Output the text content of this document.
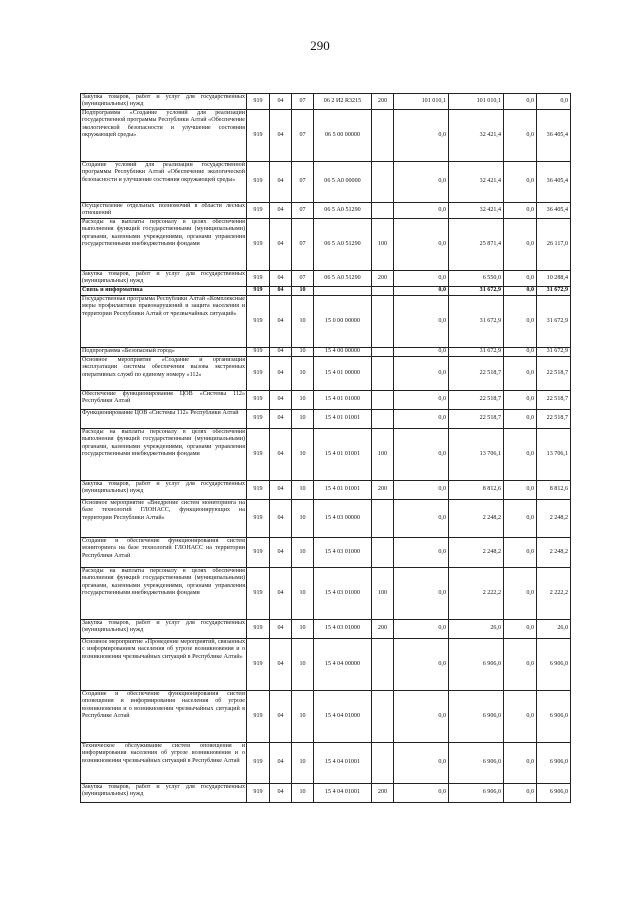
290
Закупка товаров, работ и услуг для государственных (муниципальных) нужд	919	04	07	06 2 И2 R3215	200	101 010,1	101 010,1	0,0	0,0
Подпрограмма «Создание условий для реализации государственной программы Республики Алтай «Обеспечение экологической безопасности и улучшение состояния окружающей среды»	919	04	07	06 5 00 00000		0,0	32 421,4	0,0	36 405,4
Создание условий для реализации государственной программы Республики Алтай «Обеспечение экологической безопасности и улучшение состояния окружающей среды»	919	04	07	06 5 А0 00000		0,0	32 421,4	0,0	36 405,4
Осуществление отдельных полномочий в области лесных отношений	919	04	07	06 5 А0 51290		0,0	32 421,4	0,0	36 405,4
Расходы на выплаты персоналу в целях обеспечения выполнения функций государственными (муниципальными) органами, казенными учреждениями, органами управления государственными внебюджетными фондами	919	04	07	06 5 А0 51290	100	0,0	25 871,4	0,0	26 117,0
Закупка товаров, работ и услуг для государственных (муниципальных) нужд	919	04	07	06 5 А0 51290	200	0,0	6 550,0	0,0	10 288,4
Связь и информатика	919	04	10			0,0	31 672,9	0,0	31 672,9
Государственная программа Республики Алтай «Комплексные меры профилактики правонарушений и защита населения и территории Республики Алтай от чрезвычайных ситуаций»	919	04	10	15 0 00 00000		0,0	31 672,9	0,0	31 672,9
Подпрограмма «Безопасный город»	919	04	10	15 4 00 00000		0,0	31 672,9	0,0	31 672,9
Основное мероприятие «Создание и организация эксплуатации системы обеспечения вызова экстренных оперативных служб по единому номеру «112»	919	04	10	15 4 01 00000		0,0	22 518,7	0,0	22 518,7
Обеспечение функционирования ЦОВ «Системы 112» Республики Алтай	919	04	10	15 4 01 01000		0,0	22 518,7	0,0	22 518,7
Функционирование ЦОВ «Системы 112» Республики Алтай	919	04	10	15 4 01 01001		0,0	22 518,7	0,0	22 518,7
Расходы на выплаты персоналу в целях обеспечения выполнения функций государственными (муниципальными) органами, казенными учреждениями, органами управления государственными внебюджетными фондами	919	04	10	15 4 01 01001	100	0,0	13 706,1	0,0	13 706,1
Закупка товаров, работ и услуг для государственных (муниципальных) нужд	919	04	10	15 4 01 01001	200	0,0	8 812,6	0,0	8 812,6
Основное мероприятие «Внедрение систем мониторинга на базе технологий ГЛОНАСС, функционирующих на территории Республики Алтай»	919	04	10	15 4 03 00000		0,0	2 248,2	0,0	2 248,2
Создание и обеспечение функционирования систем мониторинга на базе технологий ГЛОНАСС на территории Республики Алтай	919	04	10	15 4 03 01000		0,0	2 248,2	0,0	2 248,2
Расходы на выплаты персоналу в целях обеспечения выполнения функций государственными (муниципальными) органами, казенными учреждениями, органами управления государственными внебюджетными фондами	919	04	10	15 4 03 01000	100	0,0	2 222,2	0,0	2 222,2
Закупка товаров, работ и услуг для государственных (муниципальных) нужд	919	04	10	15 4 03 01000	200	0,0	26,0	0,0	26,0
Основное мероприятие «Проведение мероприятий, связанных с информированием населения об угрозе возникновения и о возникновении чрезвычайных ситуаций в Республике Алтай»	919	04	10	15 4 04 00000		0,0	6 906,0	0,0	6 906,0
Создание и обеспечение функционирования систем оповещения и информирования населения об угрозе возникновения и о возникновении чрезвычайных ситуаций в Республике Алтай	919	04	10	15 4 04 01000		0,0	6 906,0	0,0	6 906,0
Техническое обслуживание систем оповещения и информирования населения об угрозе возникновения и о возникновении чрезвычайных ситуаций в Республике Алтай	919	04	10	15 4 04 01001		0,0	6 906,0	0,0	6 906,0
Закупка товаров, работ и услуг для государственных (муниципальных) нужд	919	04	10	15 4 04 01001	200	0,0	6 906,0	0,0	6 906,0
